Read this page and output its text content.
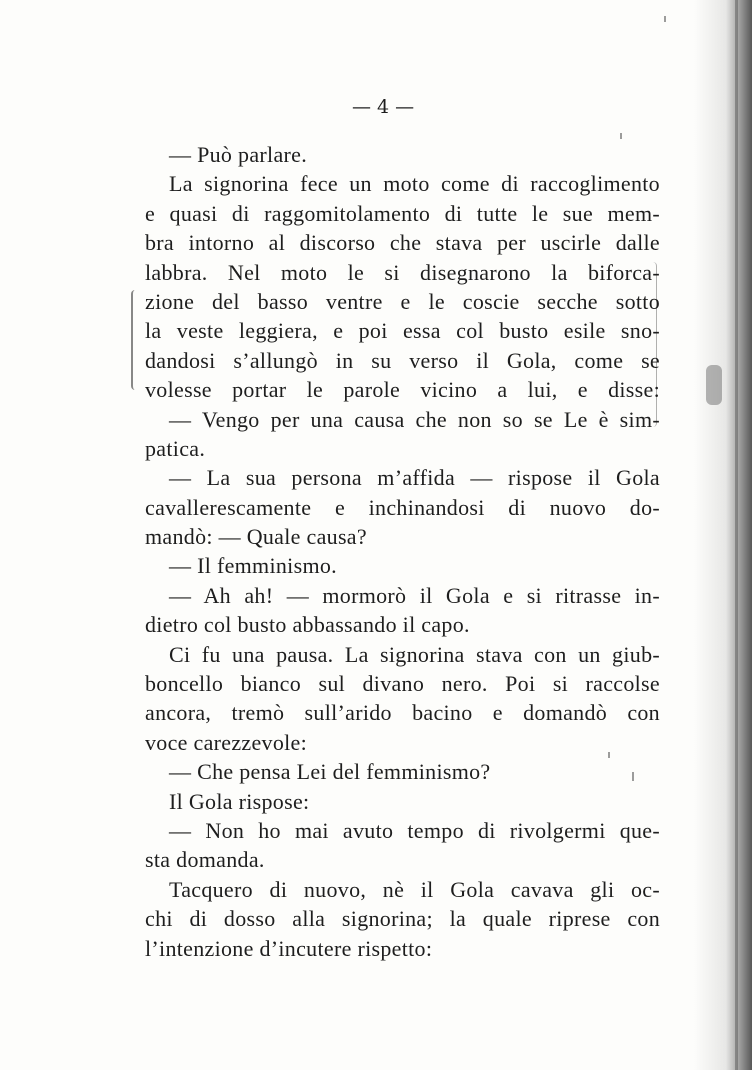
— 4 —
— Può parlare.
La signorina fece un moto come di raccoglimento
e quasi di raggomitolamento di tutte le sue mem-
bra intorno al discorso che stava per uscirle dalle
labbra. Nel moto le si disegnarono la biforca-
zione del basso ventre e le coscie secche sotto
la veste leggiera, e poi essa col busto esile sno-
dandosi s’allungò in su verso il Gola, come se
volesse portar le parole vicino a lui, e disse:
— Vengo per una causa che non so se Le è sim-
patica.
— La sua persona m’affida — rispose il Gola
cavallerescamente e inchinandosi di nuovo do-
mandò: — Quale causa?
— Il femminismo.
— Ah ah! — mormorò il Gola e si ritrasse in-
dietro col busto abbassando il capo.
Ci fu una pausa. La signorina stava con un giub-
boncello bianco sul divano nero. Poi si raccolse
ancora, tremò sull’arido bacino e domandò con
voce carezzevole:
— Che pensa Lei del femminismo?
Il Gola rispose:
— Non ho mai avuto tempo di rivolgermi que-
sta domanda.
Tacquero di nuovo, nè il Gola cavava gli oc-
chi di dosso alla signorina; la quale riprese con
l’intenzione d’incutere rispetto:
